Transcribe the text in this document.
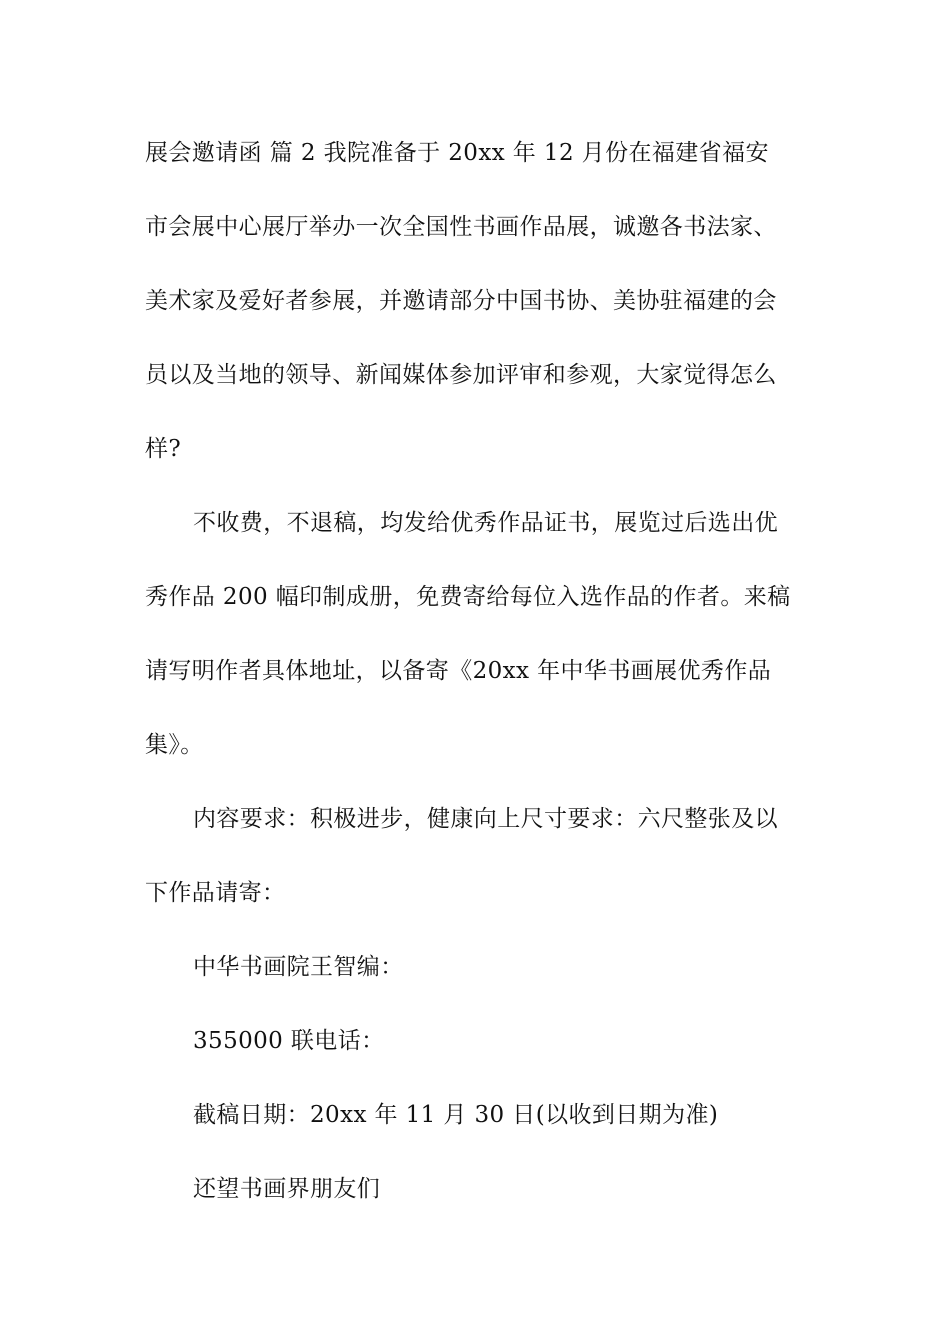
展会邀请函 篇 2 我院准备于 20xx 年 12 月份在福建省福安
市会展中心展厅举办一次全国性书画作品展，诚邀各书法家、
美术家及爱好者参展，并邀请部分中国书协、美协驻福建的会
员以及当地的领导、新闻媒体参加评审和参观，大家觉得怎么
样?
不收费，不退稿，均发给优秀作品证书，展览过后选出优
秀作品 200 幅印制成册，免费寄给每位入选作品的作者。来稿
请写明作者具体地址，以备寄《20xx 年中华书画展优秀作品
集》。
内容要求：积极进步，健康向上尺寸要求：六尺整张及以
下作品请寄：
中华书画院王智编：
355000 联电话：
截稿日期：20xx 年 11 月 30 日(以收到日期为准)
还望书画界朋友们
